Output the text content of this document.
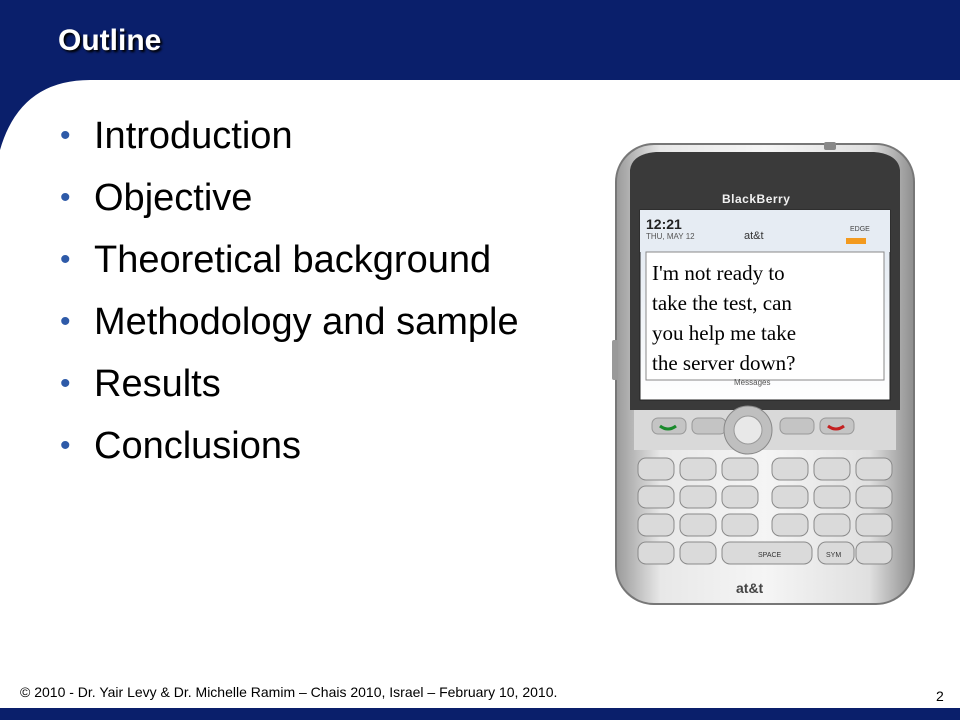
Outline
• Introduction
• Objective
• Theoretical background
• Methodology and sample
• Results
• Conclusions
SPACE	SYM
BlackBerry
12:21
THU, MAY 12	at&t
EDGE
I'm not ready to
take the test, can
you help me take
the server down?
Messages
at&t
© 2010 - Dr. Yair Levy & Dr. Michelle Ramim – Chais 2010, Israel – February 10, 2010.	2
